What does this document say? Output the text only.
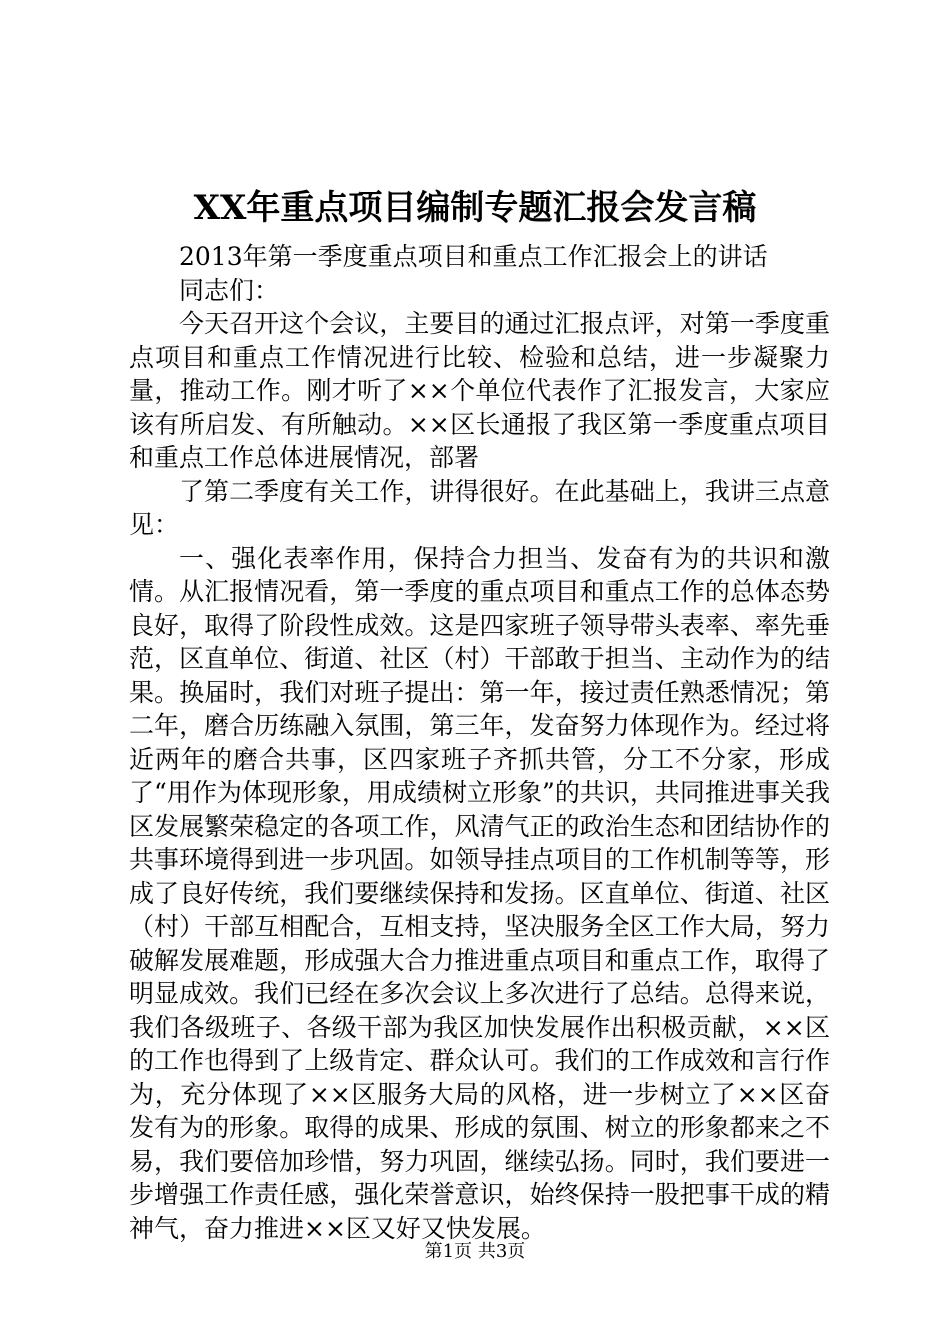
XX年重点项目编制专题汇报会发言稿

2013年第一季度重点项目和重点工作汇报会上的讲话

同志们：

今天召开这个会议，主要目的通过汇报点评，对第一季度重点项目和重点工作情况进行比较、检验和总结，进一步凝聚力量，推动工作。刚才听了××个单位代表作了汇报发言，大家应该有所启发、有所触动。××区长通报了我区第一季度重点项目和重点工作总体进展情况，部署

了第二季度有关工作，讲得很好。在此基础上，我讲三点意见：

一、强化表率作用，保持合力担当、发奋有为的共识和激情。从汇报情况看，第一季度的重点项目和重点工作的总体态势良好，取得了阶段性成效。这是四家班子领导带头表率、率先垂范，区直单位、街道、社区（村）干部敢于担当、主动作为的结果。换届时，我们对班子提出：第一年，接过责任熟悉情况；第二年，磨合历练融入氛围，第三年，发奋努力体现作为。经过将近两年的磨合共事，区四家班子齐抓共管，分工不分家，形成了“用作为体现形象，用成绩树立形象”的共识，共同推进事关我区发展繁荣稳定的各项工作，风清气正的政治生态和团结协作的共事环境得到进一步巩固。如领导挂点项目的工作机制等等，形成了良好传统，我们要继续保持和发扬。区直单位、街道、社区（村）干部互相配合，互相支持，坚决服务全区工作大局，努力破解发展难题，形成强大合力推进重点项目和重点工作，取得了明显成效。我们已经在多次会议上多次进行了总结。总得来说，我们各级班子、各级干部为我区加快发展作出积极贡献，××区的工作也得到了上级肯定、群众认可。我们的工作成效和言行作为，充分体现了××区服务大局的风格，进一步树立了××区奋发有为的形象。取得的成果、形成的氛围、树立的形象都来之不易，我们要倍加珍惜，努力巩固，继续弘扬。同时，我们要进一步增强工作责任感，强化荣誉意识，始终保持一股把事干成的精神气，奋力推进××区又好又快发展。

第1页 共3页
